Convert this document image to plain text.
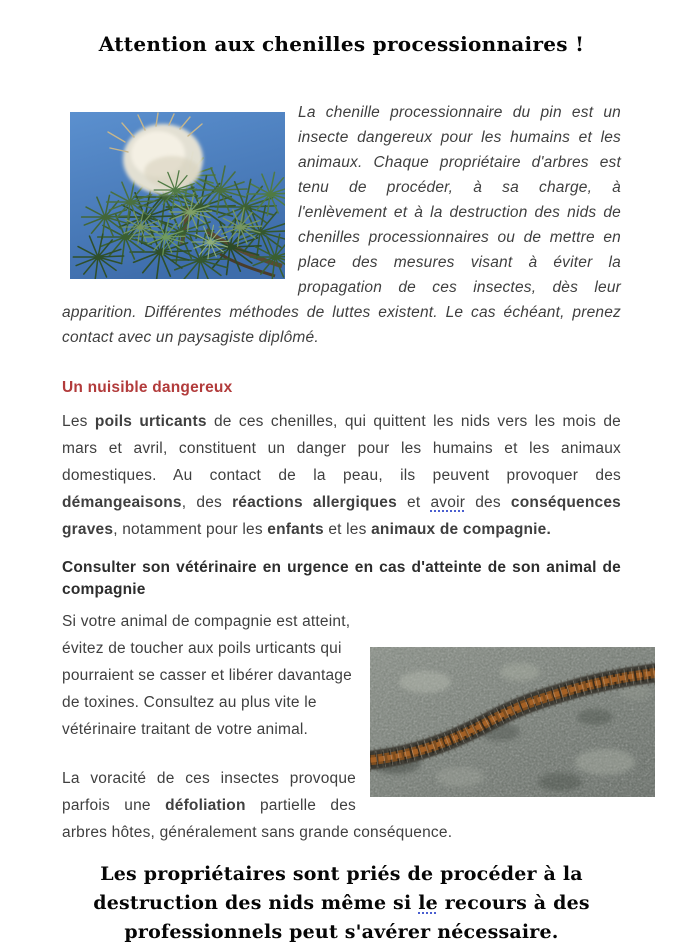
Attention aux chenilles processionnaires !
La chenille processionnaire du pin est un insecte dangereux pour les humains et les animaux. Chaque propriétaire d'arbres est tenu de procéder, à sa charge, à l'enlèvement et à la destruction des nids de chenilles processionnaires ou de mettre en place des mesures visant à éviter la propagation de ces insectes, dès leur apparition. Différentes méthodes de luttes existent. Le cas échéant, prenez contact avec un paysagiste diplômé.
Un nuisible dangereux

Les poils urticants de ces chenilles, qui quittent les nids vers les mois de mars et avril, constituent un danger pour les humains et les animaux domestiques. Au contact de la peau, ils peuvent provoquer des démangeaisons, des réactions allergiques et avoir des conséquences graves, notamment pour les enfants et les animaux de compagnie.

Consulter son vétérinaire en urgence en cas d'atteinte de son animal de
compagnie

Si votre animal de compagnie est atteint, évitez de toucher aux poils urticants qui pourraient se casser et libérer davantage de toxines. Consultez au plus vite le vétérinaire traitant de votre animal.

La voracité de ces insectes provoque parfois une défoliation partielle des arbres hôtes, généralement sans grande conséquence.

Les propriétaires sont priés de procéder à la
destruction des nids même si le recours à des
professionnels peut s'avérer nécessaire.
